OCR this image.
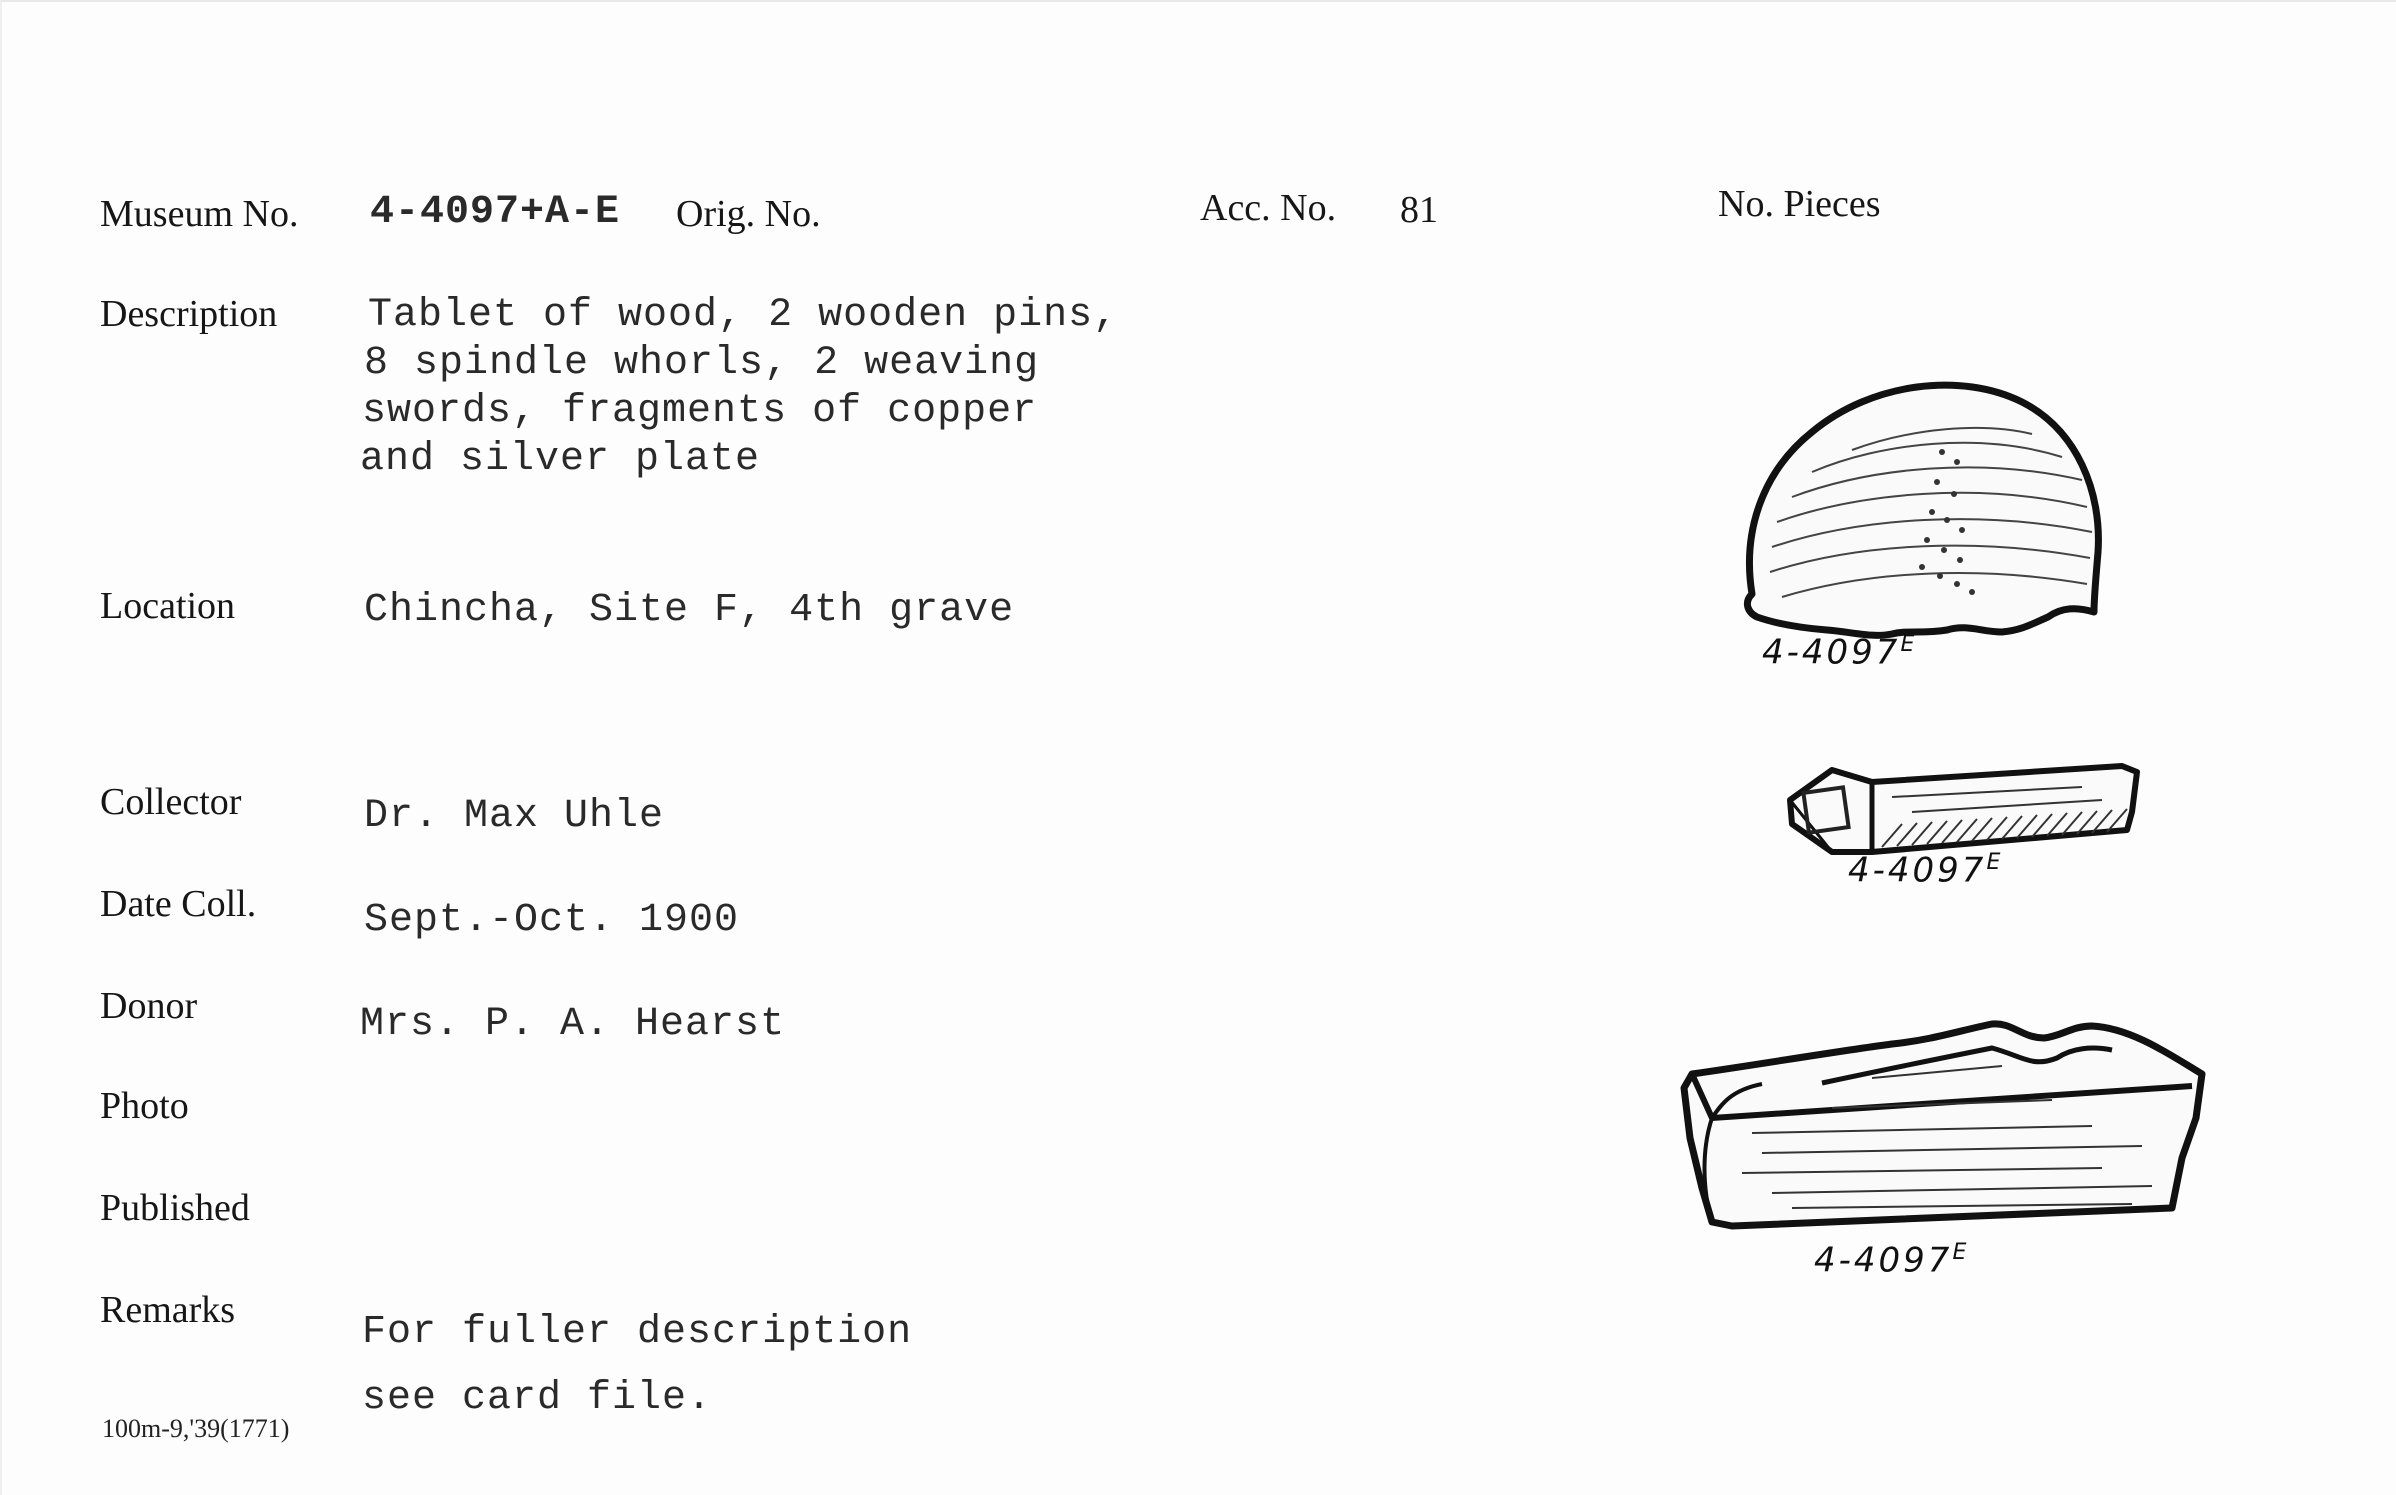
Museum No. 4-4097+A-E Orig. No.	Acc. No. 81	No. Pieces
Description Tablet of wood, 2 wooden pins,
8 spindle whorls, 2 weaving
swords, fragments of copper
and silver plate
Location	Chincha, Site F, 4th grave
Collector	Dr. Max Uhle
Date Coll.	Sept.-Oct. 1900
Donor	Mrs. P. A. Hearst
Photo
Published
Remarks	For fuller description
see card file.
100m-9,'39(1771)
$4-4097^E$
$4-4097^E$
$4-4097^E$
